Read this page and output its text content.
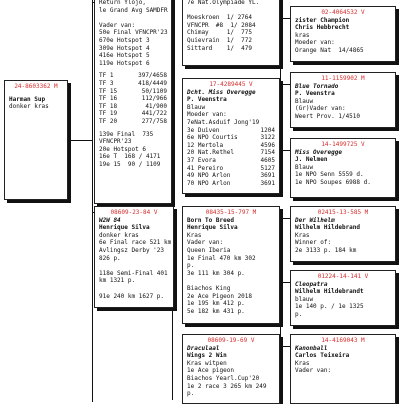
24-8603362 M
Harman Sup
donker kras
Return Ylojo,
le Grand Avg SAMDFR

Vader van:
50e Final VFNCPR'23
670e Hotspot 3
309e Hotspot 4
416e Hotspot 5
119e Hotspot 6
TF 1	397/4658
TF 3	418/4449
TF 15	50/1109
TF 16	112/966
TF 18	41/900
TF 19	441/722
TF 20	277/758
139e Final  735
VFNCPR'23
20e Hotspot 6
16e T  168 / 4171
19e 15  90 / 1109
7e Nat.Olympiade YL.

Moeskroen  1/ 2764
VFNCPR  #8  1/ 2084
Chimay     1/  775
Quievrain  1/  772
Sittard    1/  479
17-4289445 V
Dcht. Miss Overegge
P. Veenstra
Blauw
Moeder van:
7eNat.Asduif Jong'19
3e Duiven	1204
6e NPO Courtis	3122
12 Mertola	4596
20 Nat.Rethel	7154
37 Evora	4605
41 Pereiro	5127
49 NPO Arlon	3691
70 NPO Arlon	3691
08609-23-84 V
W2W 84
Henrique Silva
donker kras
6e Final race 521 km
Avlingsz Derby '23
826 p.

118e Semi-Final 401
km 1321 p.

91e 240 km 1627 p.
08435-15-797 M
Born To Breed
Henrique Silva
Kras
Vader van:
Queen Iberia
1e Final 470 km 302
p.
3e 111 km 304 p.

Biachos King
2e Ace Pigeon 2018
1e 195 km 412 p.
5e 182 km 431 p.
08609-19-69 V
Draculaal
Wings 2 Win
Kras witpen
1e Ace pigeon
Biachos Yearl.Cup'20
1e 2 race 3 265 km 249
p.
02-4064532 V
zister Champion
Chris Hebbrecht
kras
Moeder van:
Orange Nat  14/4865
11-1159902 M
Blue Tornado
P. Veenstra
Blauw
(Gr)Vader van:
Weert Prov. 1/4510
14-1499725 V
Miss Overegge
J. Nelmen
Blauw
1e NPO Senn 5559 d.
1e NPO Soupes 6988 d.
02415-13-585 M
Der Wilhelm
Wilhelm Hildebrand
Kras
Winner of:
2e 3133 p. 184 km
01224-14-141 V
Cleopatra
Wilhelm Hildebrandt
blauw
1e 140 p. / 1e 1325
p.
14-4169043 M
Kanonball
Carlos Teixeira
Kras
Vader van:
